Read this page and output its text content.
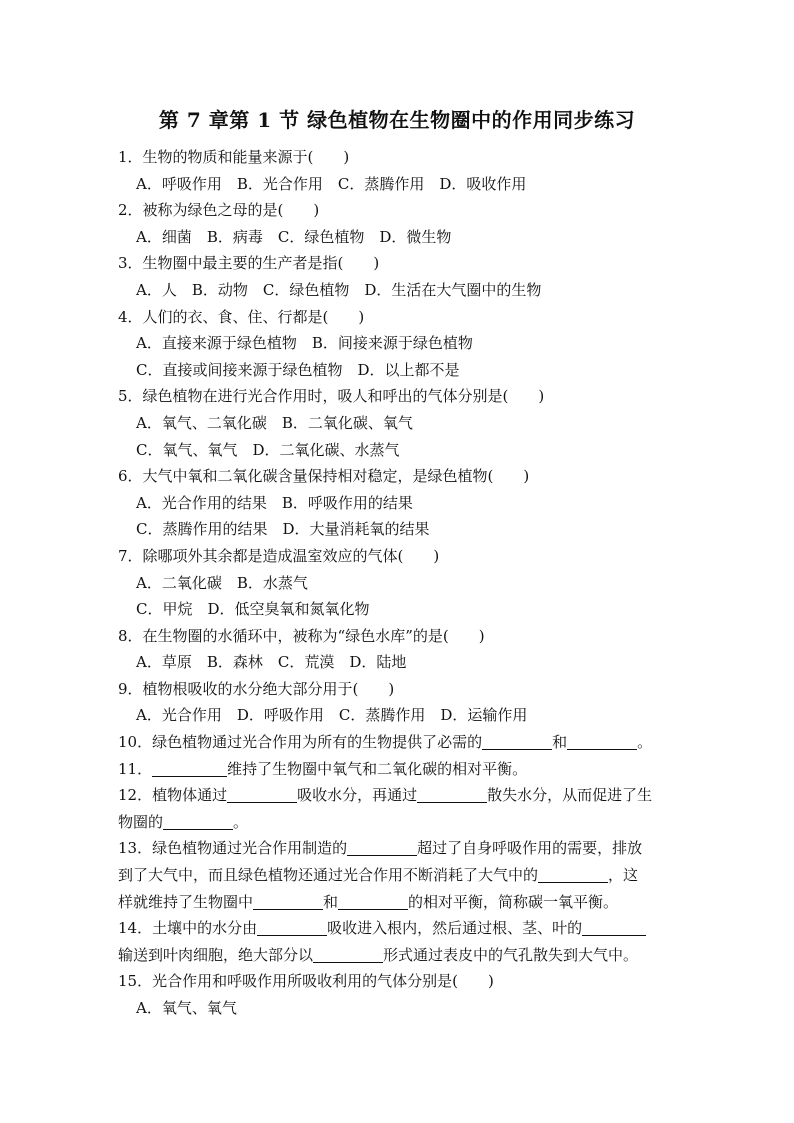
第 7 章第 1 节 绿色植物在生物圈中的作用同步练习
1．生物的物质和能量来源于(　　)
A．呼吸作用　B．光合作用　C．蒸腾作用　D．吸收作用
2．被称为绿色之母的是(　　)
A．细菌　B．病毒　C．绿色植物　D．微生物
3．生物圈中最主要的生产者是指(　　)
A．人　B．动物　C．绿色植物　D．生活在大气圈中的生物
4．人们的衣、食、住、行都是(　　)
A．直接来源于绿色植物　B．间接来源于绿色植物
C．直接或间接来源于绿色植物　D．以上都不是
5．绿色植物在进行光合作用时，吸人和呼出的气体分别是(　　)
A．氧气、二氧化碳　B．二氧化碳、氧气
C．氧气、氧气　D．二氧化碳、水蒸气
6．大气中氧和二氧化碳含量保持相对稳定，是绿色植物(　　)
A．光合作用的结果　B．呼吸作用的结果
C．蒸腾作用的结果　D．大量消耗氧的结果
7．除哪项外其余都是造成温室效应的气体(　　)
A．二氧化碳　B．水蒸气
C．甲烷　D．低空臭氧和氮氧化物
8．在生物圈的水循环中，被称为“绿色水库”的是(　　)
A．草原　B．森林　C．荒漠　D．陆地
9．植物根吸收的水分绝大部分用于(　　)
A．光合作用　D．呼吸作用　C．蒸腾作用　D．运输作用
10．绿色植物通过光合作用为所有的生物提供了必需的	和	。
11．	维持了生物圈中氧气和二氧化碳的相对平衡。
12．植物体通过	吸收水分，再通过	散失水分，从而促进了生
物圈的	。
13．绿色植物通过光合作用制造的	超过了自身呼吸作用的需要，排放
到了大气中，而且绿色植物还通过光合作用不断消耗了大气中的	，这
样就维持了生物圈中	和	的相对平衡，简称碳一氧平衡。
14．土壤中的水分由	吸收进入根内，然后通过根、茎、叶的
输送到叶肉细胞，绝大部分以	形式通过表皮中的气孔散失到大气中。
15．光合作用和呼吸作用所吸收利用的气体分别是(　　)
A．氧气、氧气
